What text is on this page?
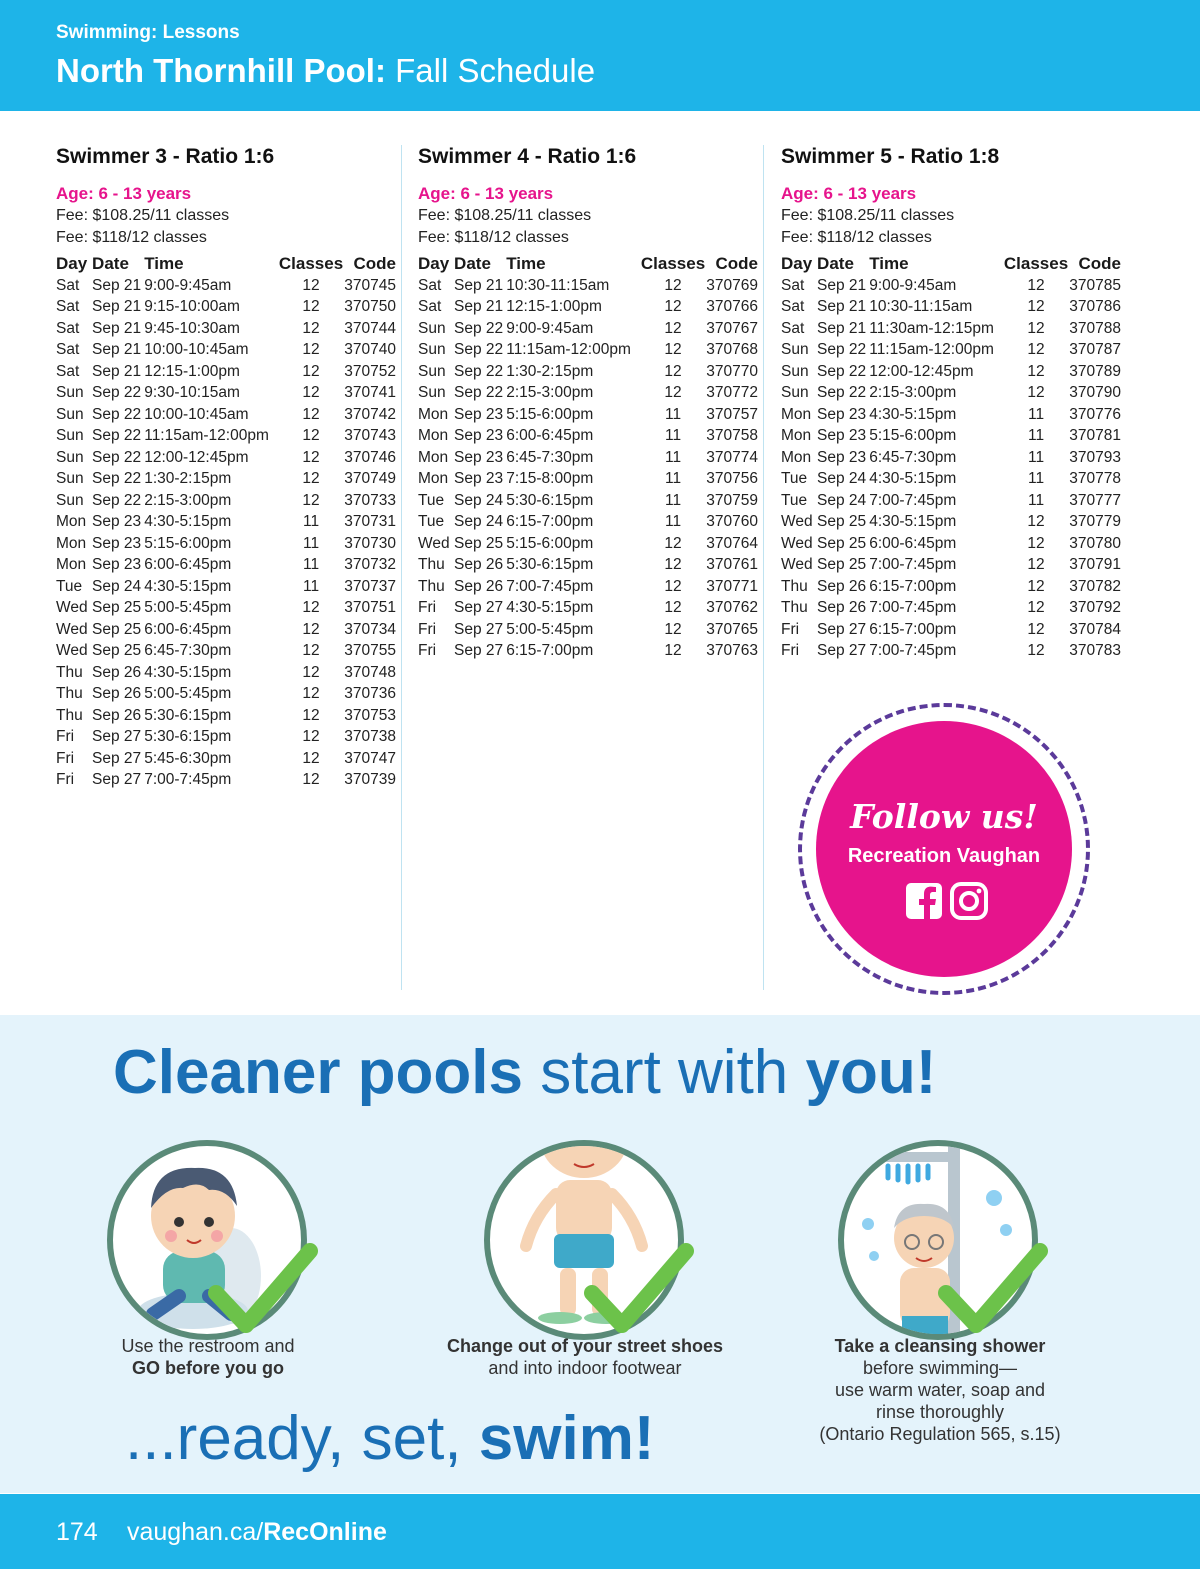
Swimming: Lessons
North Thornhill Pool: Fall Schedule
Swimmer 3 - Ratio 1:6
Age: 6 - 13 years
Fee: $108.25/11 classes
Fee: $118/12 classes
Day	Date	Time	Classes	Code
Sat	Sep 21	9:00-9:45am	12	370745
Sat	Sep 21	9:15-10:00am	12	370750
Sat	Sep 21	9:45-10:30am	12	370744
Sat	Sep 21	10:00-10:45am	12	370740
Sat	Sep 21	12:15-1:00pm	12	370752
Sun	Sep 22	9:30-10:15am	12	370741
Sun	Sep 22	10:00-10:45am	12	370742
Sun	Sep 22	11:15am-12:00pm	12	370743
Sun	Sep 22	12:00-12:45pm	12	370746
Sun	Sep 22	1:30-2:15pm	12	370749
Sun	Sep 22	2:15-3:00pm	12	370733
Mon	Sep 23	4:30-5:15pm	11	370731
Mon	Sep 23	5:15-6:00pm	11	370730
Mon	Sep 23	6:00-6:45pm	11	370732
Tue	Sep 24	4:30-5:15pm	11	370737
Wed	Sep 25	5:00-5:45pm	12	370751
Wed	Sep 25	6:00-6:45pm	12	370734
Wed	Sep 25	6:45-7:30pm	12	370755
Thu	Sep 26	4:30-5:15pm	12	370748
Thu	Sep 26	5:00-5:45pm	12	370736
Thu	Sep 26	5:30-6:15pm	12	370753
Fri	Sep 27	5:30-6:15pm	12	370738
Fri	Sep 27	5:45-6:30pm	12	370747
Fri	Sep 27	7:00-7:45pm	12	370739
Swimmer 4 - Ratio 1:6
Age: 6 - 13 years
Fee: $108.25/11 classes
Fee: $118/12 classes
Day	Date	Time	Classes	Code
Sat	Sep 21	10:30-11:15am	12	370769
Sat	Sep 21	12:15-1:00pm	12	370766
Sun	Sep 22	9:00-9:45am	12	370767
Sun	Sep 22	11:15am-12:00pm	12	370768
Sun	Sep 22	1:30-2:15pm	12	370770
Sun	Sep 22	2:15-3:00pm	12	370772
Mon	Sep 23	5:15-6:00pm	11	370757
Mon	Sep 23	6:00-6:45pm	11	370758
Mon	Sep 23	6:45-7:30pm	11	370774
Mon	Sep 23	7:15-8:00pm	11	370756
Tue	Sep 24	5:30-6:15pm	11	370759
Tue	Sep 24	6:15-7:00pm	11	370760
Wed	Sep 25	5:15-6:00pm	12	370764
Thu	Sep 26	5:30-6:15pm	12	370761
Thu	Sep 26	7:00-7:45pm	12	370771
Fri	Sep 27	4:30-5:15pm	12	370762
Fri	Sep 27	5:00-5:45pm	12	370765
Fri	Sep 27	6:15-7:00pm	12	370763
Swimmer 5 - Ratio 1:8
Age: 6 - 13 years
Fee: $108.25/11 classes
Fee: $118/12 classes
Day	Date	Time	Classes	Code
Sat	Sep 21	9:00-9:45am	12	370785
Sat	Sep 21	10:30-11:15am	12	370786
Sat	Sep 21	11:30am-12:15pm	12	370788
Sun	Sep 22	11:15am-12:00pm	12	370787
Sun	Sep 22	12:00-12:45pm	12	370789
Sun	Sep 22	2:15-3:00pm	12	370790
Mon	Sep 23	4:30-5:15pm	11	370776
Mon	Sep 23	5:15-6:00pm	11	370781
Mon	Sep 23	6:45-7:30pm	11	370793
Tue	Sep 24	4:30-5:15pm	11	370778
Tue	Sep 24	7:00-7:45pm	11	370777
Wed	Sep 25	4:30-5:15pm	12	370779
Wed	Sep 25	6:00-6:45pm	12	370780
Wed	Sep 25	7:00-7:45pm	12	370791
Thu	Sep 26	6:15-7:00pm	12	370782
Thu	Sep 26	7:00-7:45pm	12	370792
Fri	Sep 27	6:15-7:00pm	12	370784
Fri	Sep 27	7:00-7:45pm	12	370783
Follow us!
Recreation Vaughan
Cleaner pools start with you!
Use the restroom and
GO before you go
Change out of your street shoes
and into indoor footwear
Take a cleansing shower
before swimming—
use warm water, soap and
rinse thoroughly
(Ontario Regulation 565, s.15)
...ready, set, swim!
174 vaughan.ca/RecOnline
